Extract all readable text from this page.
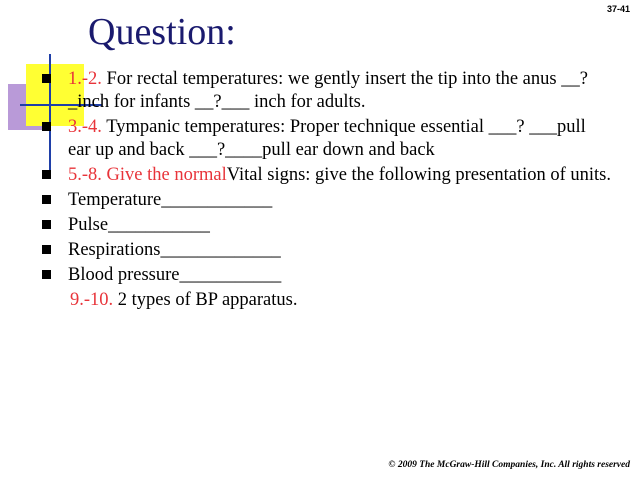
37-41
Question:
1.-2. For rectal temperatures: we gently insert the tip into the anus __?_inch for infants __?___ inch for adults.
3.-4. Tympanic temperatures: Proper technique essential ___? ___pull ear up and back ___?____pull ear down and back
5.-8. Give the normalVital signs: give the following presentation of units.
Temperature____________
Pulse___________
Respirations_____________
Blood pressure___________
9.-10. 2 types of BP apparatus.
© 2009 The McGraw-Hill Companies, Inc. All rights reserved
